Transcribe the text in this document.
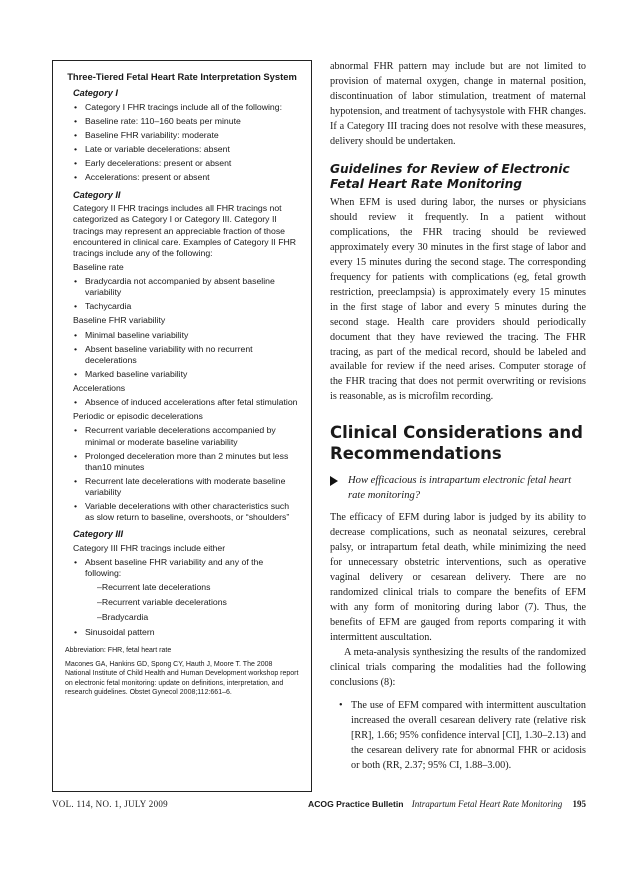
Three-Tiered Fetal Heart Rate Interpretation System
Category I
• Category I FHR tracings include all of the following:
• Baseline rate: 110–160 beats per minute
• Baseline FHR variability: moderate
• Late or variable decelerations: absent
• Early decelerations: present or absent
• Accelerations: present or absent
Category II
Category II FHR tracings includes all FHR tracings not categorized as Category I or Category III. Category II tracings may represent an appreciable fraction of those encountered in clinical care. Examples of Category II FHR tracings include any of the following:
Baseline rate
• Bradycardia not accompanied by absent baseline variability
• Tachycardia
Baseline FHR variability
• Minimal baseline variability
• Absent baseline variability with no recurrent decelerations
• Marked baseline variability
Accelerations
• Absence of induced accelerations after fetal stimulation
Periodic or episodic decelerations
• Recurrent variable decelerations accompanied by minimal or moderate baseline variability
• Prolonged deceleration more than 2 minutes but less than10 minutes
• Recurrent late decelerations with moderate baseline variability
• Variable decelerations with other characteristics such as slow return to baseline, overshoots, or “shoulders”
Category III
Category III FHR tracings include either
• Absent baseline FHR variability and any of the following:
–Recurrent late decelerations
–Recurrent variable decelerations
–Bradycardia
• Sinusoidal pattern
Abbreviation: FHR, fetal heart rate
Macones GA, Hankins GD, Spong CY, Hauth J, Moore T. The 2008 National Institute of Child Health and Human Development workshop report on electronic fetal monitoring: update on definitions, interpretation, and research guidelines. Obstet Gynecol 2008;112:661–6.

abnormal FHR pattern may include but are not limited to provision of maternal oxygen, change in maternal position, discontinuation of labor stimulation, treatment of maternal hypotension, and treatment of tachysystole with FHR changes. If a Category III tracing does not resolve with these measures, delivery should be undertaken.

Guidelines for Review of Electronic Fetal Heart Rate Monitoring

When EFM is used during labor, the nurses or physicians should review it frequently. In a patient without complications, the FHR tracing should be reviewed approximately every 30 minutes in the first stage of labor and every 15 minutes during the second stage. The corresponding frequency for patients with complications (eg, fetal growth restriction, preeclampsia) is approximately every 15 minutes in the first stage of labor and every 5 minutes during the second stage. Health care providers should periodically document that they have reviewed the tracing. The FHR tracing, as part of the medical record, should be labeled and available for review if the need arises. Computer storage of the FHR tracing that does not permit overwriting or revisions is reasonable, as is microfilm recording.

Clinical Considerations and Recommendations
How efficacious is intrapartum electronic fetal heart rate monitoring?

The efficacy of EFM during labor is judged by its ability to decrease complications, such as neonatal seizures, cerebral palsy, or intrapartum fetal death, while minimizing the need for unnecessary obstetric interventions, such as operative vaginal delivery or cesarean delivery. There are no randomized clinical trials to compare the benefits of EFM with any form of monitoring during labor (7). Thus, the benefits of EFM are gauged from reports comparing it with intermittent auscultation.

A meta-analysis synthesizing the results of the randomized clinical trials comparing the modalities had the following conclusions (8):

• The use of EFM compared with intermittent auscultation increased the overall cesarean delivery rate (relative risk [RR], 1.66; 95% confidence interval [CI], 1.30–2.13) and the cesarean delivery rate for abnormal FHR or acidosis or both (RR, 2.37; 95% CI, 1.88–3.00).
VOL. 114, NO. 1, JULY 2009	ACOG Practice Bulletin Intrapartum Fetal Heart Rate Monitoring 195
